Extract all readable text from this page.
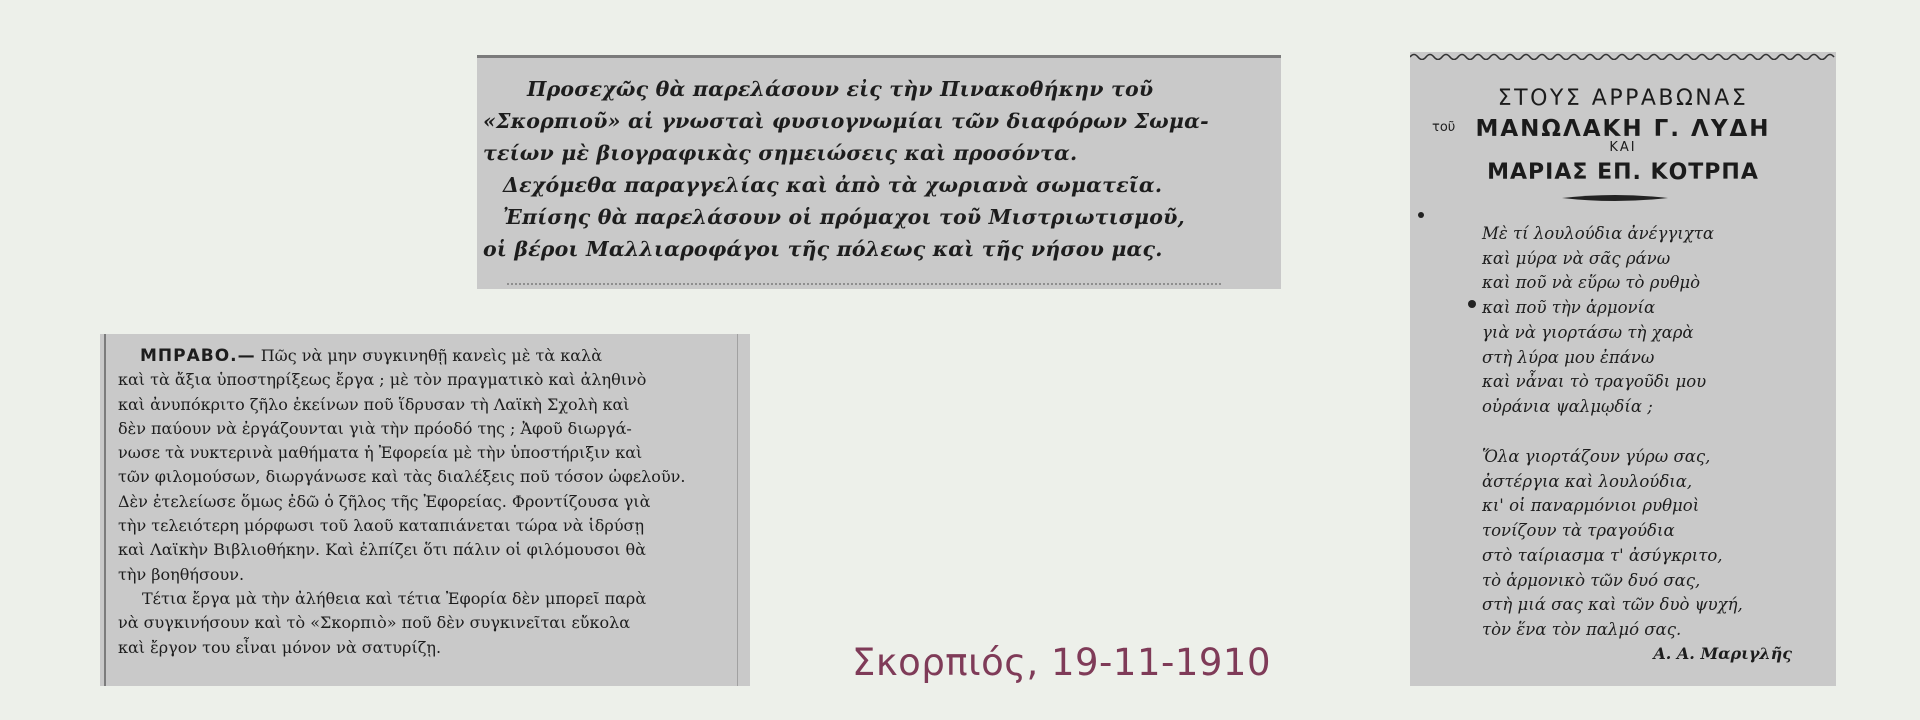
Προσεχῶς θὰ παρελάσουν εἰς τὴν Πινακοθήκην τοῦ

«Σκορπιοῦ» αἱ γνωσταὶ φυσιογνωμίαι τῶν διαφόρων Σωμα-

τείων μὲ βιογραφικὰς σημειώσεις καὶ προσόντα.

Δεχόμεθα παραγγελίας καὶ ἀπὸ τὰ χωριανὰ σωματεῖα.

Ἐπίσης θὰ παρελάσουν οἱ πρόμαχοι τοῦ Μιστριωτισμοῦ,

οἱ βέροι Μαλλιαροφάγοι τῆς πόλεως καὶ τῆς νήσου μας.

ΜΠΡΑΒΟ.— Πῶς νὰ μην συγκινηθῇ κανεὶς μὲ τὰ καλὰ

καὶ τὰ ἄξια ὑποστηρίξεως ἔργα ; μὲ τὸν πραγματικὸ καὶ ἀληθινὸ

καὶ ἀνυπόκριτο ζῆλο ἐκείνων ποῦ ἵδρυσαν τὴ Λαϊκὴ Σχολὴ καὶ

δὲν παύουν νὰ ἐργάζουνται γιὰ τὴν πρόοδό της ; Ἀφοῦ διωργά-

νωσε τὰ νυκτερινὰ μαθήματα ἡ Ἐφορεία μὲ τὴν ὑποστήριξιν καὶ

τῶν φιλομούσων, διωργάνωσε καὶ τὰς διαλέξεις ποῦ τόσον ὠφελοῦν.

Δὲν ἐτελείωσε ὅμως ἐδῶ ὁ ζῆλος τῆς Ἐφορείας. Φροντίζουσα γιὰ

τὴν τελειότερη μόρφωσι τοῦ λαοῦ καταπιάνεται τώρα νὰ ἱδρύσῃ

καὶ Λαϊκὴν Βιβλιοθήκην. Καὶ ἐλπίζει ὅτι πάλιν οἱ φιλόμουσοι θὰ

τὴν βοηθήσουν.

Τέτια ἔργα μὰ τὴν ἀλήθεια καὶ τέτια Ἐφορία δὲν μπορεῖ παρὰ

νὰ συγκινήσουν καὶ τὸ «Σκορπιὸ» ποῦ δὲν συγκινεῖται εὔκολα

καὶ ἔργον του εἶναι μόνον νὰ σατυρίζῃ.

ΣΤΟΥΣ ΑΡΡΑΒΩΝΑΣ
τοῦ ΜΑΝΩΛΑΚΗ Γ. ΛΥΔΗ
ΚΑΙ
ΜΑΡΙΑΣ ΕΠ. ΚΟΤΡΠΑ

Μὲ τί λουλούδια ἀνέγγιχτα
καὶ μύρα νὰ σᾶς ράνω
καὶ ποῦ νὰ εὕρω τὸ ρυθμὸ
καὶ ποῦ τὴν ἁρμονία
γιὰ νὰ γιορτάσω τὴ χαρὰ
στὴ λύρα μου ἐπάνω
καὶ νἆναι τὸ τραγοῦδι μου
οὐράνια ψαλμῳδία ;

Ὅλα γιορτάζουν γύρω σας,
ἀστέργια καὶ λουλούδια,
κι' οἱ παναρμόνιοι ρυθμοὶ
τονίζουν τὰ τραγούδια
στὸ ταίριασμα τ' ἀσύγκριτο,
τὸ ἁρμονικὸ τῶν δυό σας,
στὴ μιά σας καὶ τῶν δυὸ ψυχή,
τὸν ἕνα τὸν παλμό σας.

Α. Α. Μαριγλῆς
Σκορπιός, 19-11-1910
